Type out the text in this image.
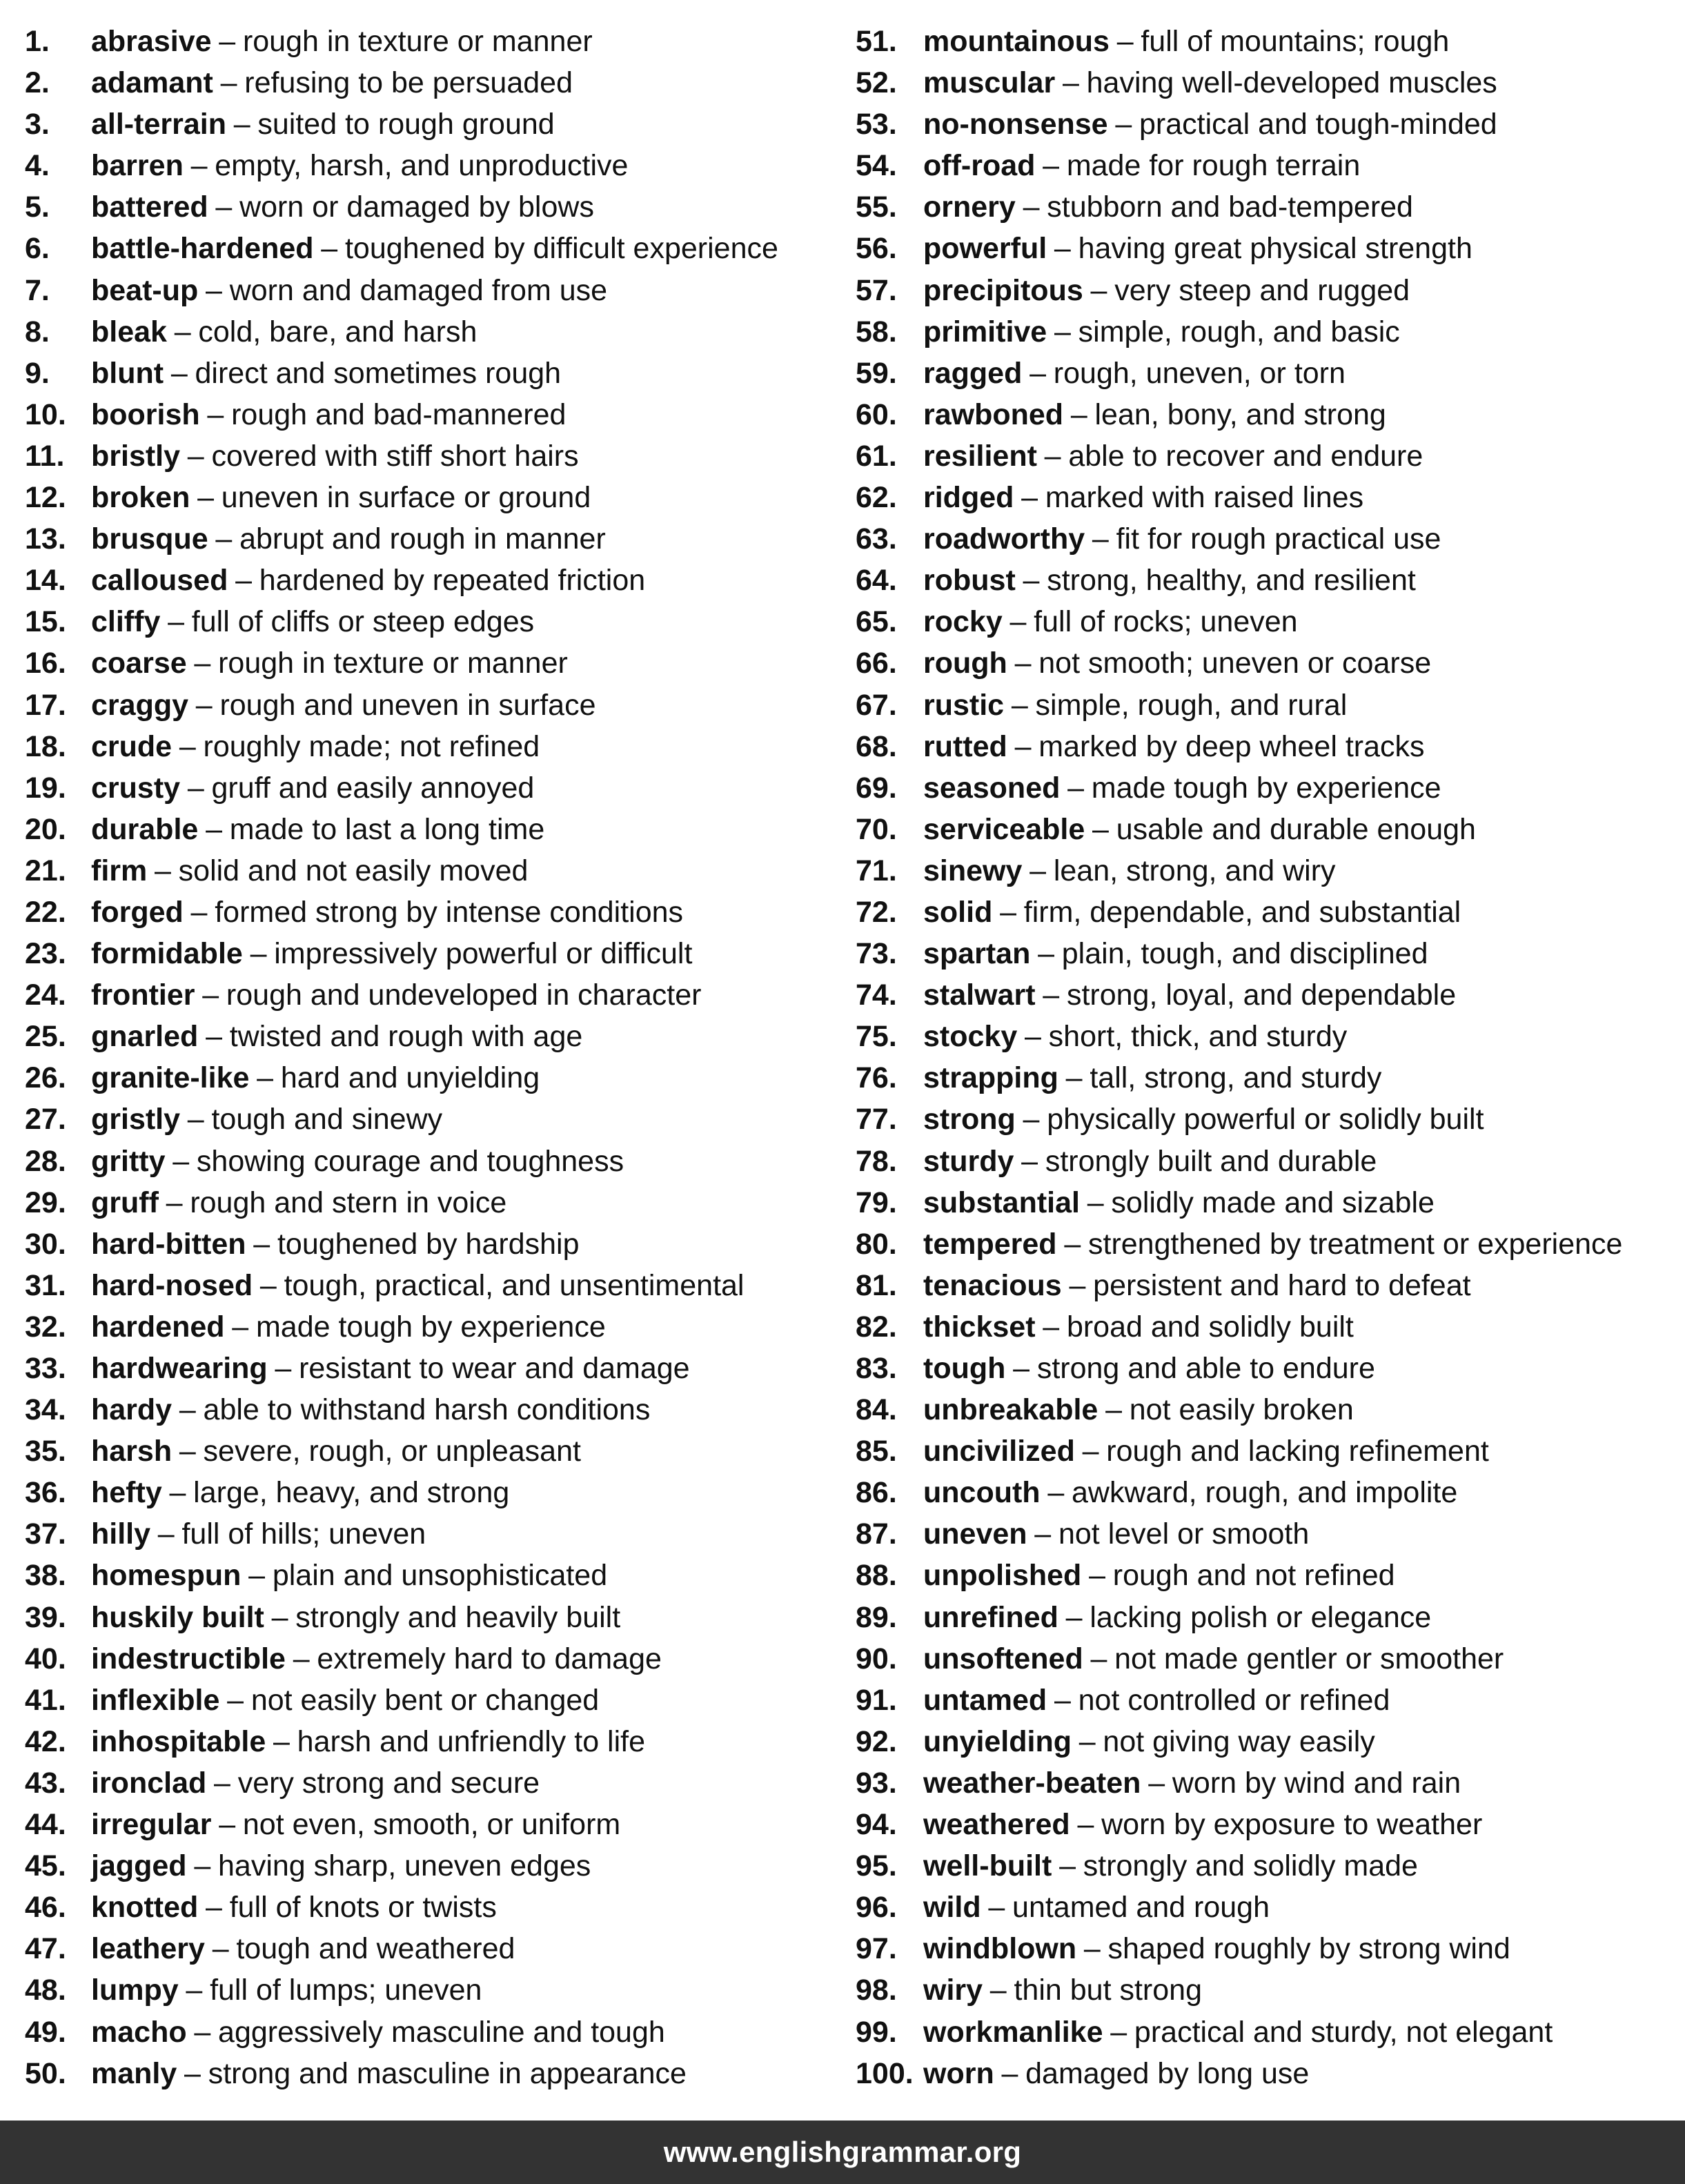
1.	abrasive – rough in texture or manner
2.	adamant – refusing to be persuaded
3.	all-terrain – suited to rough ground
4.	barren – empty, harsh, and unproductive
5.	battered – worn or damaged by blows
6.	battle-hardened – toughened by difficult experience
7.	beat-up – worn and damaged from use
8.	bleak – cold, bare, and harsh
9.	blunt – direct and sometimes rough
10. boorish – rough and bad-mannered
11. bristly – covered with stiff short hairs
12. broken – uneven in surface or ground
13. brusque – abrupt and rough in manner
14. calloused – hardened by repeated friction
15. cliffy – full of cliffs or steep edges
16. coarse – rough in texture or manner
17. craggy – rough and uneven in surface
18. crude – roughly made; not refined
19. crusty – gruff and easily annoyed
20. durable – made to last a long time
21. firm – solid and not easily moved
22. forged – formed strong by intense conditions
23. formidable – impressively powerful or difficult
24. frontier – rough and undeveloped in character
25. gnarled – twisted and rough with age
26. granite-like – hard and unyielding
27. gristly – tough and sinewy
28. gritty – showing courage and toughness
29. gruff – rough and stern in voice
30. hard-bitten – toughened by hardship
31. hard-nosed – tough, practical, and unsentimental
32. hardened – made tough by experience
33. hardwearing – resistant to wear and damage
34. hardy – able to withstand harsh conditions
35. harsh – severe, rough, or unpleasant
36. hefty – large, heavy, and strong
37. hilly – full of hills; uneven
38. homespun – plain and unsophisticated
39. huskily built – strongly and heavily built
40. indestructible – extremely hard to damage
41. inflexible – not easily bent or changed
42. inhospitable – harsh and unfriendly to life
43. ironclad – very strong and secure
44. irregular – not even, smooth, or uniform
45. jagged – having sharp, uneven edges
46. knotted – full of knots or twists
47. leathery – tough and weathered
48. lumpy – full of lumps; uneven
49. macho – aggressively masculine and tough
50. manly – strong and masculine in appearance
51. mountainous – full of mountains; rough
52. muscular – having well-developed muscles
53. no-nonsense – practical and tough-minded
54. off-road – made for rough terrain
55. ornery – stubborn and bad-tempered
56. powerful – having great physical strength
57. precipitous – very steep and rugged
58. primitive – simple, rough, and basic
59. ragged – rough, uneven, or torn
60. rawboned – lean, bony, and strong
61. resilient – able to recover and endure
62. ridged – marked with raised lines
63. roadworthy – fit for rough practical use
64. robust – strong, healthy, and resilient
65. rocky – full of rocks; uneven
66. rough – not smooth; uneven or coarse
67. rustic – simple, rough, and rural
68. rutted – marked by deep wheel tracks
69. seasoned – made tough by experience
70. serviceable – usable and durable enough
71. sinewy – lean, strong, and wiry
72. solid – firm, dependable, and substantial
73. spartan – plain, tough, and disciplined
74. stalwart – strong, loyal, and dependable
75. stocky – short, thick, and sturdy
76. strapping – tall, strong, and sturdy
77. strong – physically powerful or solidly built
78. sturdy – strongly built and durable
79. substantial – solidly made and sizable
80. tempered – strengthened by treatment or experience
81. tenacious – persistent and hard to defeat
82. thickset – broad and solidly built
83. tough – strong and able to endure
84. unbreakable – not easily broken
85. uncivilized – rough and lacking refinement
86. uncouth – awkward, rough, and impolite
87. uneven – not level or smooth
88. unpolished – rough and not refined
89. unrefined – lacking polish or elegance
90. unsoftened – not made gentler or smoother
91. untamed – not controlled or refined
92. unyielding – not giving way easily
93. weather-beaten – worn by wind and rain
94. weathered – worn by exposure to weather
95. well-built – strongly and solidly made
96. wild – untamed and rough
97. windblown – shaped roughly by strong wind
98. wiry – thin but strong
99. workmanlike – practical and sturdy, not elegant
100. worn – damaged by long use
www.englishgrammar.org
